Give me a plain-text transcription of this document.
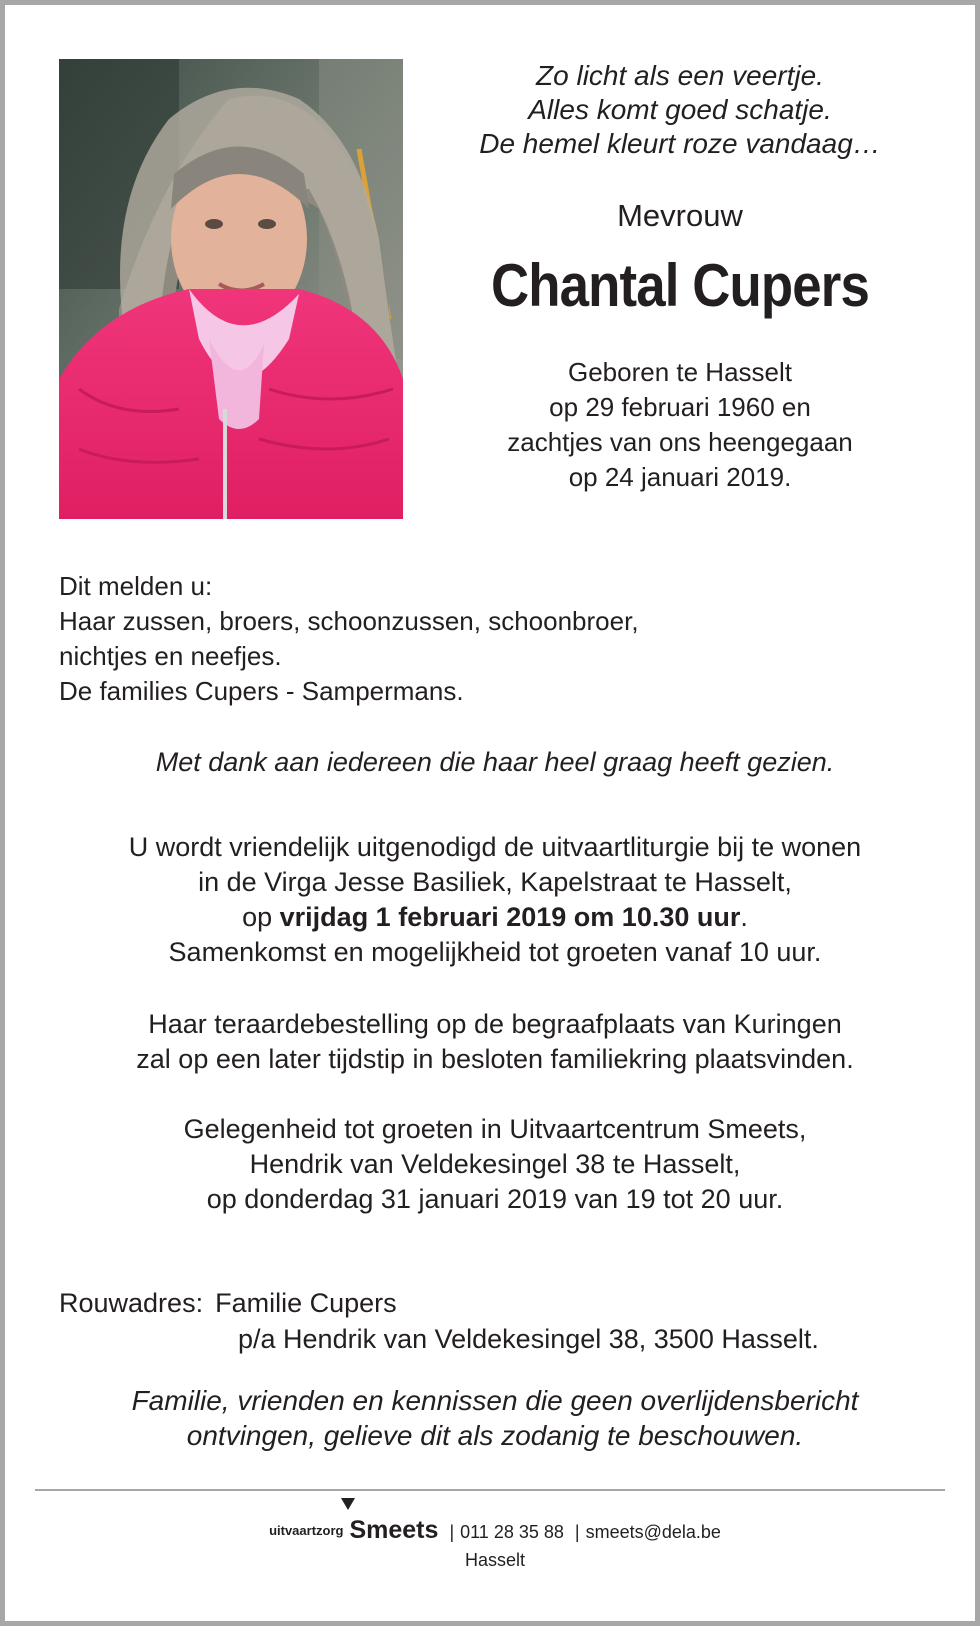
Zo licht als een veertje.
Alles komt goed schatje.
De hemel kleurt roze vandaag…
Mevrouw
Chantal Cupers
Geboren te Hasselt
op 29 februari 1960 en
zachtjes van ons heengegaan
op 24 januari 2019.
Dit melden u:
Haar zussen, broers, schoonzussen, schoonbroer,
nichtjes en neefjes.
De families Cupers - Sampermans.
Met dank aan iedereen die haar heel graag heeft gezien.
U wordt vriendelijk uitgenodigd de uitvaartliturgie bij te wonen
in de Virga Jesse Basiliek, Kapelstraat te Hasselt,
op vrijdag 1 februari 2019 om 10.30 uur.
Samenkomst en mogelijkheid tot groeten vanaf 10 uur.
Haar teraardebestelling op de begraafplaats van Kuringen
zal op een later tijdstip in besloten familiekring plaatsvinden.
Gelegenheid tot groeten in Uitvaartcentrum Smeets,
Hendrik van Veldekesingel 38 te Hasselt,
op donderdag 31 januari 2019 van 19 tot 20 uur.
Rouwadres: Familie Cupers
p/a Hendrik van Veldekesingel 38, 3500 Hasselt.
Familie, vrienden en kennissen die geen overlijdensbericht
ontvingen, gelieve dit als zodanig te beschouwen.
uitvaartzorg Smeets | 011 28 35 88 | smeets@dela.be
Hasselt
